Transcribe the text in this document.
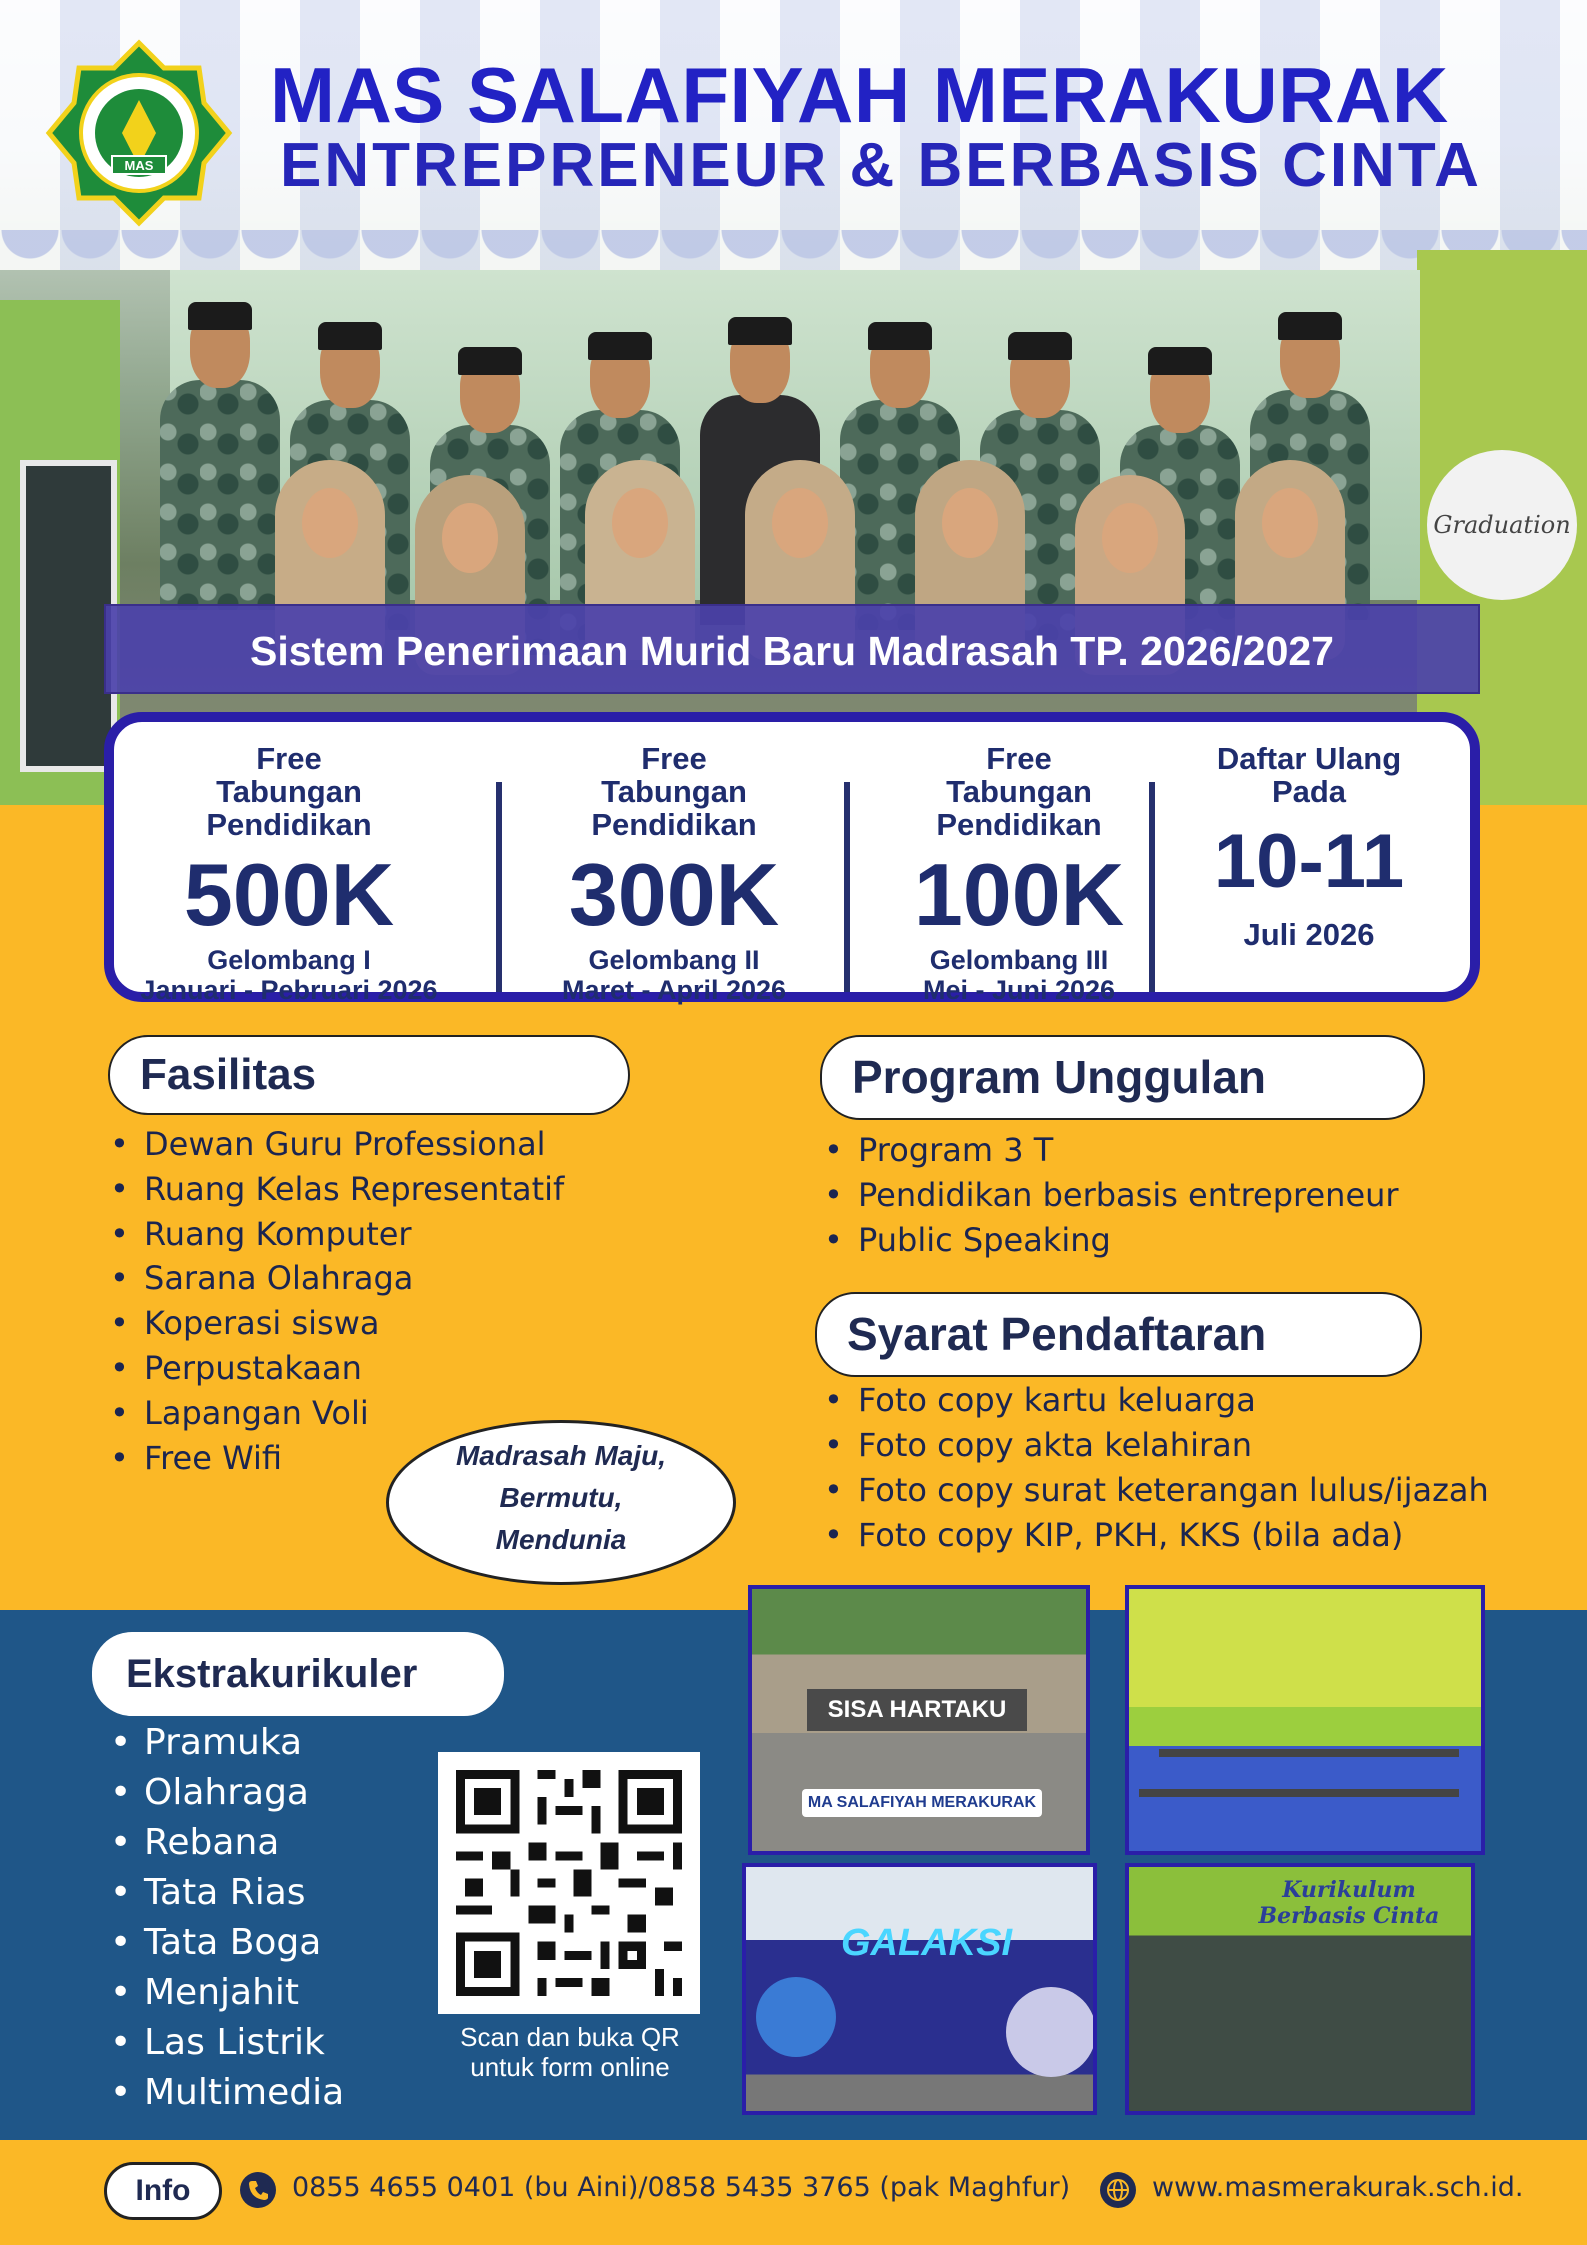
Graduation
MAS
MAS SALAFIYAH MERAKURAK
ENTREPRENEUR & BERBASIS CINTA
Sistem Penerimaan Murid Baru Madrasah TP. 2026/2027
Free Tabungan Pendidikan
500K
Gelombang I
Januari - Pebruari 2026
Free Tabungan Pendidikan
300K
Gelombang II
Maret - April 2026
Free Tabungan Pendidikan
100K
Gelombang III
Mei - Juni 2026
Daftar Ulang Pada
10-11
Juli 2026
Fasilitas
• Dewan Guru Professional
• Ruang Kelas Representatif
• Ruang Komputer
• Sarana Olahraga
• Koperasi siswa
• Perpustakaan
• Lapangan Voli
• Free Wifi
Program Unggulan
• Program 3 T
• Pendidikan berbasis entrepreneur
• Public Speaking
Syarat Pendaftaran
• Foto copy kartu keluarga
• Foto copy akta kelahiran
• Foto copy surat keterangan lulus/ijazah
• Foto copy KIP, PKH, KKS (bila ada)
Madrasah Maju,
Bermutu,
Mendunia
Ekstrakurikuler
• Pramuka
• Olahraga
• Rebana
• Tata Rias
• Tata Boga
• Menjahit
• Las Listrik
• Multimedia
Scan dan buka QR
untuk form online
SISA HARTAKU
MA SALAFIYAH MERAKURAK
GALAKSI
Kurikulum
Berbasis Cinta
Info	0855 4655 0401 (bu Aini)/0858 5435 3765 (pak Maghfur)	www.masmerakurak.sch.id.
